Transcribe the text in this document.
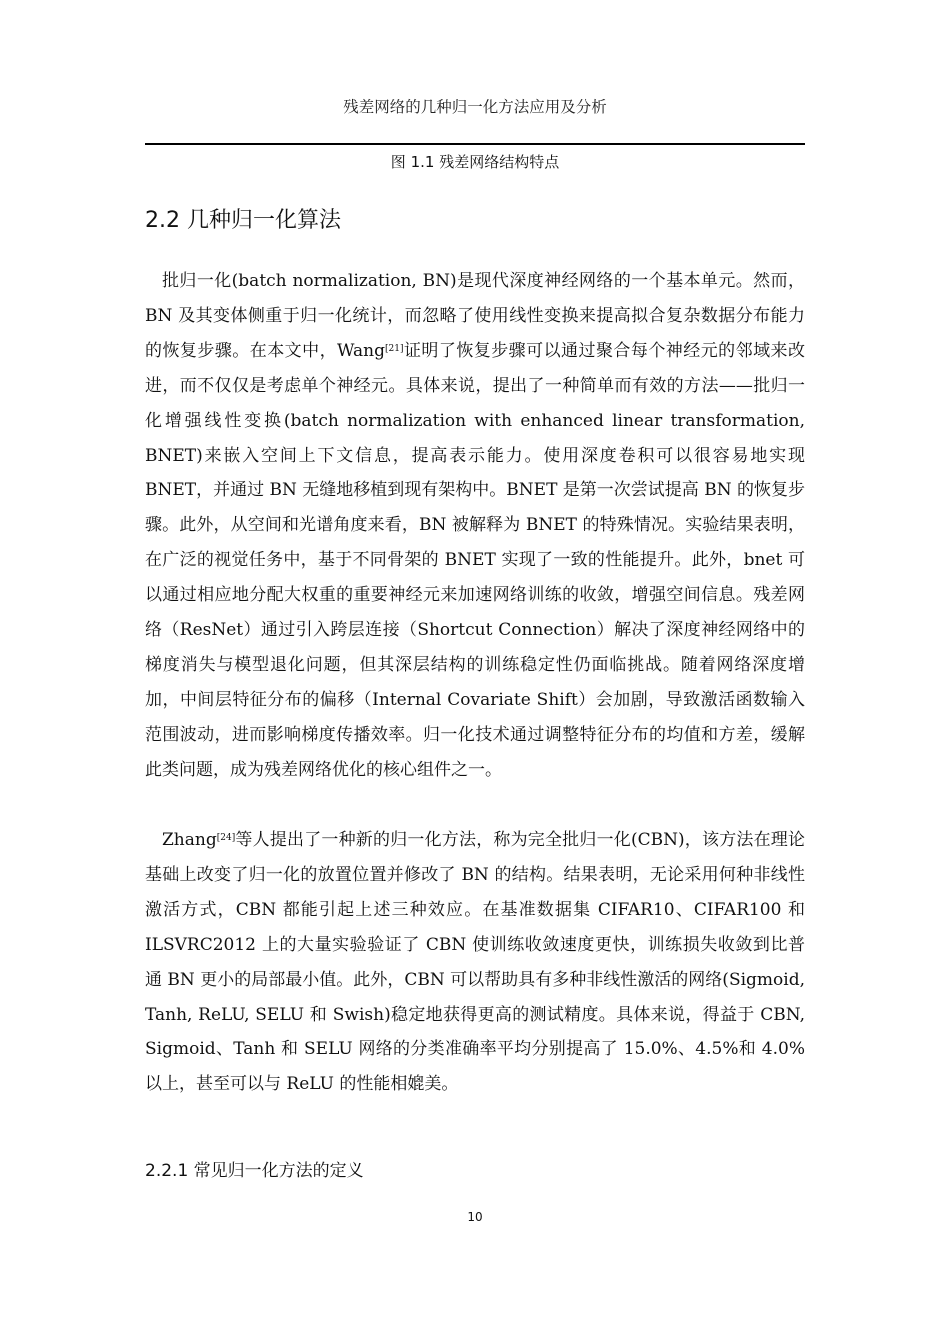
残差网络的几种归一化方法应用及分析
图 1.1 残差网络结构特点
2.2 几种归一化算法

批归一化(batch normalization, BN)是现代深度神经网络的一个基本单元。然而，BN 及其变体侧重于归一化统计，而忽略了使用线性变换来提高拟合复杂数据分布能力的恢复步骤。在本文中，Wang[21]证明了恢复步骤可以通过聚合每个神经元的邻域来改进，而不仅仅是考虑单个神经元。具体来说，提出了一种简单而有效的方法——批归一化增强线性变换(batch normalization with enhanced linear transformation, BNET)来嵌入空间上下文信息，提高表示能力。使用深度卷积可以很容易地实现 BNET，并通过 BN 无缝地移植到现有架构中。BNET 是第一次尝试提高 BN 的恢复步骤。此外，从空间和光谱角度来看，BN 被解释为 BNET 的特殊情况。实验结果表明，在广泛的视觉任务中，基于不同骨架的 BNET 实现了一致的性能提升。此外，bnet 可以通过相应地分配大权重的重要神经元来加速网络训练的收敛，增强空间信息。残差网络（ResNet）通过引入跨层连接（Shortcut Connection）解决了深度神经网络中的梯度消失与模型退化问题，但其深层结构的训练稳定性仍面临挑战。随着网络深度增加，中间层特征分布的偏移（Internal Covariate Shift）会加剧，导致激活函数输入范围波动，进而影响梯度传播效率。归一化技术通过调整特征分布的均值和方差，缓解此类问题，成为残差网络优化的核心组件之一。

Zhang[24]等人提出了一种新的归一化方法，称为完全批归一化(CBN)，该方法在理论基础上改变了归一化的放置位置并修改了 BN 的结构。结果表明，无论采用何种非线性激活方式，CBN 都能引起上述三种效应。在基准数据集 CIFAR10、CIFAR100 和 ILSVRC2012 上的大量实验验证了 CBN 使训练收敛速度更快，训练损失收敛到比普通 BN 更小的局部最小值。此外，CBN 可以帮助具有多种非线性激活的网络(Sigmoid, Tanh, ReLU, SELU 和 Swish)稳定地获得更高的测试精度。具体来说，得益于 CBN, Sigmoid、Tanh 和 SELU 网络的分类准确率平均分别提高了 15.0%、4.5%和 4.0%以上，甚至可以与 ReLU 的性能相媲美。

2.2.1 常见归一化方法的定义
10
